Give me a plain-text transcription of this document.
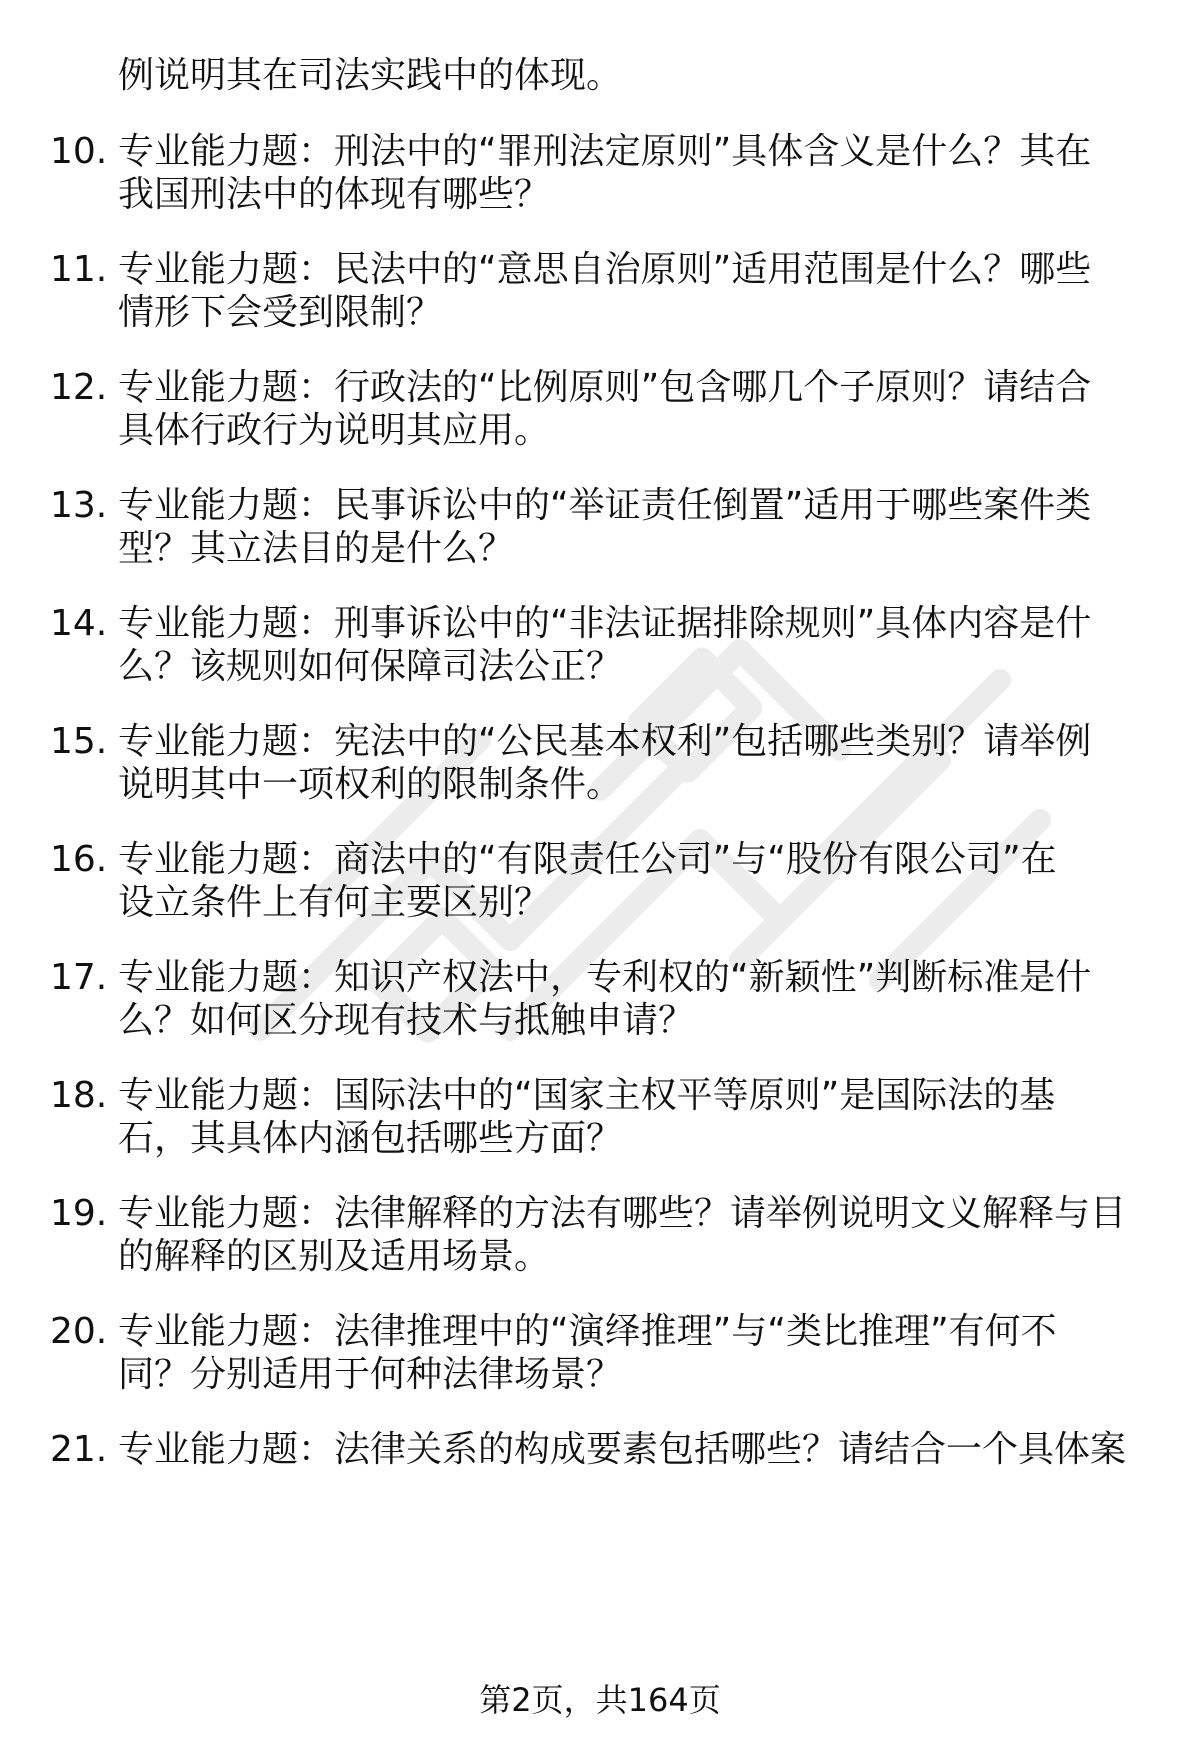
例说明其在司法实践中的体现。
10. 专业能力题：刑法中的“罪刑法定原则”具体含义是什么？其在
我国刑法中的体现有哪些？
11. 专业能力题：民法中的“意思自治原则”适用范围是什么？哪些
情形下会受到限制？
12. 专业能力题：行政法的“比例原则”包含哪几个子原则？请结合
具体行政行为说明其应用。
13. 专业能力题：民事诉讼中的“举证责任倒置”适用于哪些案件类
型？其立法目的是什么？
14. 专业能力题：刑事诉讼中的“非法证据排除规则”具体内容是什
么？该规则如何保障司法公正？
15. 专业能力题：宪法中的“公民基本权利”包括哪些类别？请举例
说明其中一项权利的限制条件。
16. 专业能力题：商法中的“有限责任公司”与“股份有限公司”在
设立条件上有何主要区别？
17. 专业能力题：知识产权法中，专利权的“新颖性”判断标准是什
么？如何区分现有技术与抵触申请？
18. 专业能力题：国际法中的“国家主权平等原则”是国际法的基
石，其具体内涵包括哪些方面？
19. 专业能力题：法律解释的方法有哪些？请举例说明文义解释与目
的解释的区别及适用场景。
20. 专业能力题：法律推理中的“演绎推理”与“类比推理”有何不
同？分别适用于何种法律场景？
21. 专业能力题：法律关系的构成要素包括哪些？请结合一个具体案
第2页，共164页
